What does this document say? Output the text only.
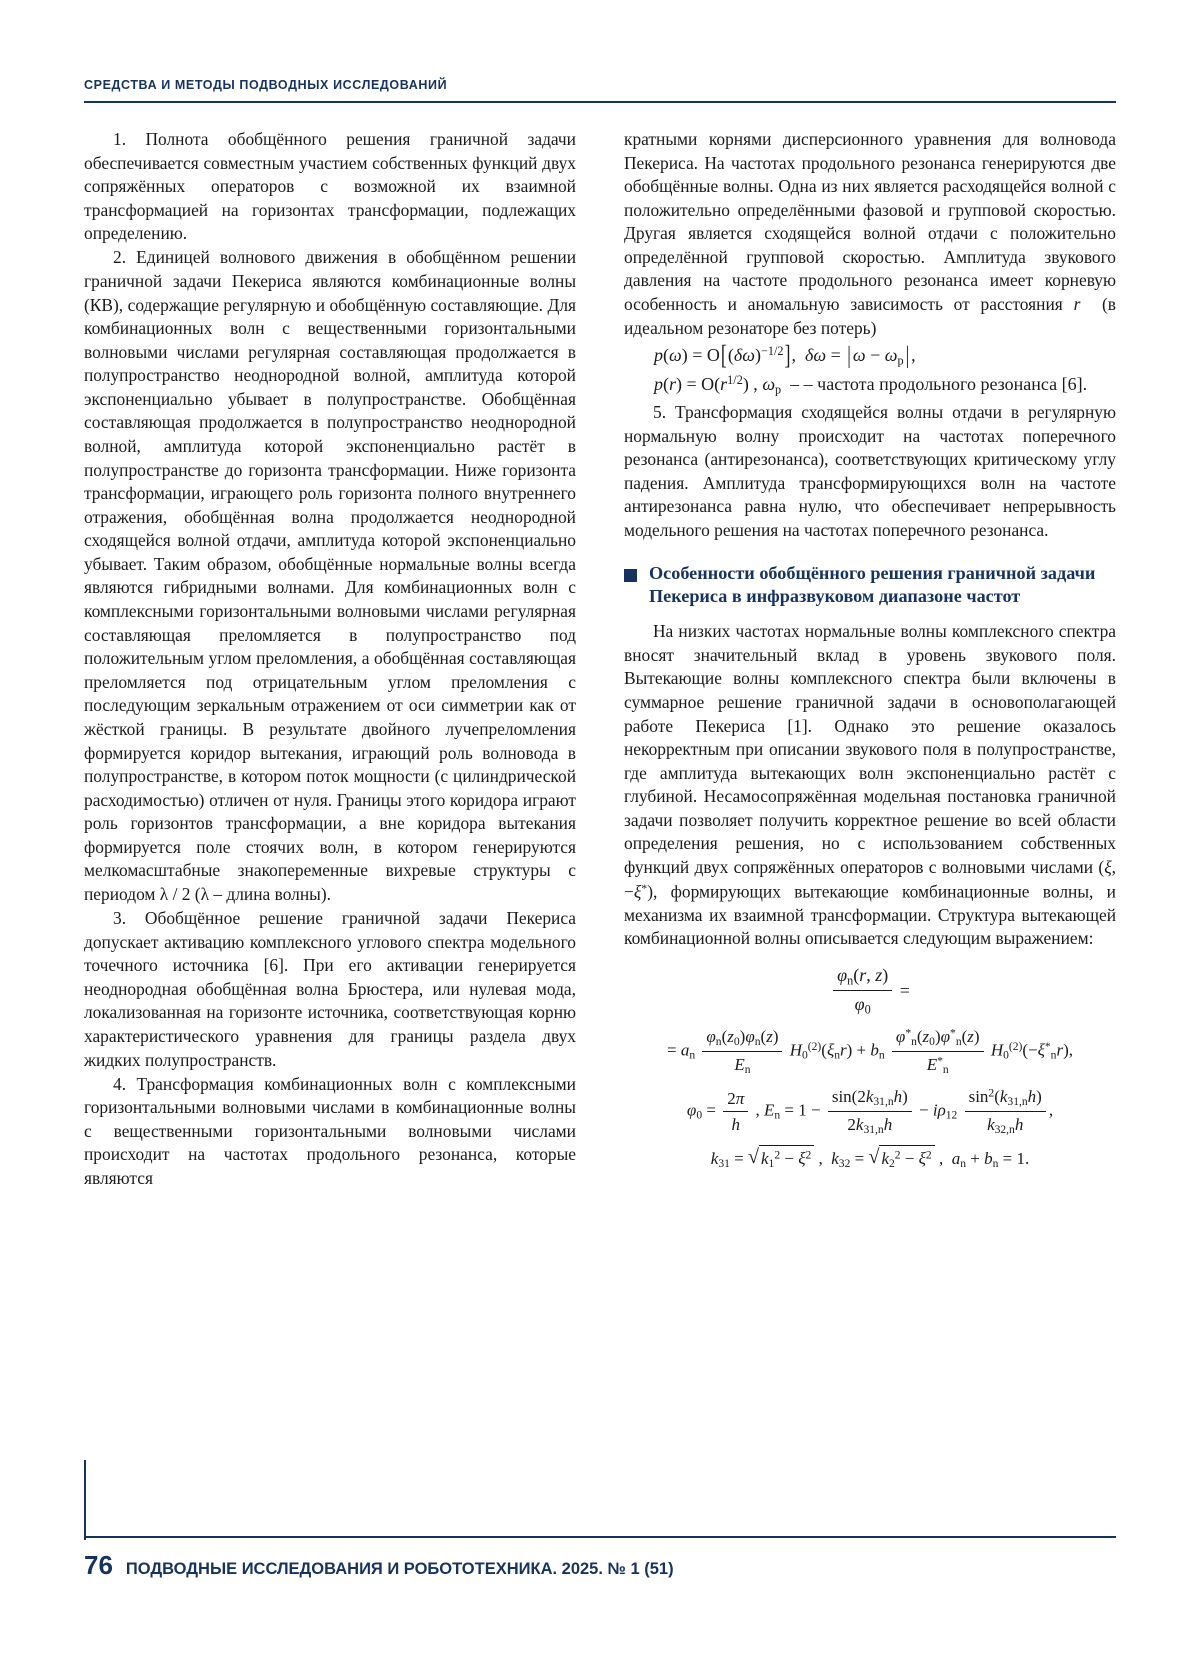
СРЕДСТВА И МЕТОДЫ ПОДВОДНЫХ ИССЛЕДОВАНИЙ

1. Полнота обобщённого решения граничной задачи обеспечивается совместным участием собственных функций двух сопряжённых операторов с возможной их взаимной трансформацией на горизонтах трансформации, подлежащих определению.

2. Единицей волнового движения в обобщённом решении граничной задачи Пекериса являются комбинационные волны (КВ), содержащие регулярную и обобщённую составляющие. Для комбинационных волн с вещественными горизонтальными волновыми числами регулярная составляющая продолжается в полупространство неоднородной волной, амплитуда которой экспоненциально убывает в полупространстве. Обобщённая составляющая продолжается в полупространство неоднородной волной, амплитуда которой экспоненциально растёт в полупространстве до горизонта трансформации. Ниже горизонта трансформации, играющего роль горизонта полного внутреннего отражения, обобщённая волна продолжается неоднородной сходящейся волной отдачи, амплитуда которой экспоненциально убывает. Таким образом, обобщённые нормальные волны всегда являются гибридными волнами. Для комбинационных волн с комплексными горизонтальными волновыми числами регулярная составляющая преломляется в полупространство под положительным углом преломления, а обобщённая составляющая преломляется под отрицательным углом преломления с последующим зеркальным отражением от оси симметрии как от жёсткой границы. В результате двойного лучепреломления формируется коридор вытекания, играющий роль волновода в полупространстве, в котором поток мощности (с цилиндрической расходимостью) отличен от нуля. Границы этого коридора играют роль горизонтов трансформации, а вне коридора вытекания формируется поле стоячих волн, в котором генерируются мелкомасштабные знакопеременные вихревые структуры с периодом λ / 2 (λ – длина волны).

3. Обобщённое решение граничной задачи Пекериса допускает активацию комплексного углового спектра модельного точечного источника [6]. При его активации генерируется неоднородная обобщённая волна Брюстера, или нулевая мода, локализованная на горизонте источника, соответствующая корню характеристического уравнения для границы раздела двух жидких полупространств.

4. Трансформация комбинационных волн с комплексными горизонтальными волновыми числами в комбинационные волны с вещественными горизонтальными волновыми числами происходит на частотах продольного резонанса, которые являются

кратными корнями дисперсионного уравнения для волновода Пекериса. На частотах продольного резонанса генерируются две обобщённые волны. Одна из них является расходящейся волной с положительно определёнными фазовой и групповой скоростью. Другая является сходящейся волной отдачи с положительно определённой групповой скоростью. Амплитуда звукового давления на частоте продольного резонанса имеет корневую особенность и аномальную зависимость от расстояния r (в идеальном резонаторе без потерь)

$p(\omega) = O[(\delta\omega)^{-1/2}]$,  δω = | $\omega - \omega_p$ | ,
$p(r) = O(r^{1/2})$ , $\omega_p$  – – частота продольного резонанса [6].

5. Трансформация сходящейся волны отдачи в регулярную нормальную волну происходит на частотах поперечного резонанса (антирезонанса), соответствующих критическому углу падения. Амплитуда трансформирующихся волн на частоте антирезонанса равна нулю, что обеспечивает непрерывность модельного решения на частотах поперечного резонанса.

Особенности обобщённого решения граничной задачи Пекериса в инфразвуковом диапазоне частот

На низких частотах нормальные волны комплексного спектра вносят значительный вклад в уровень звукового поля. Вытекающие волны комплексного спектра были включены в суммарное решение граничной задачи в основополагающей работе Пекериса [1]. Однако это решение оказалось некорректным при описании звукового поля в полупространстве, где амплитуда вытекающих волн экспоненциально растёт с глубиной. Несамосопряжённая модельная постановка граничной задачи позволяет получить корректное решение во всей области определения решения, но с использованием собственных функций двух сопряжённых операторов с волновыми числами (ξ, −ξ*), формирующих вытекающие комбинационные волны, и механизма их взаимной трансформации. Структура вытекающей комбинационной волны описывается следующим выражением:

$\frac{\varphi_n(r, z)}{\varphi_0}$ =
= $a_n \frac{\varphi_n(z_0)\varphi_n(z)}{E_n} H_0^{(2)}(\xi_nr) + b_n \frac{\varphi^*_n(z_0)\varphi^*_n(z)}{E^*_n} H_0^{(2)}(-\xi^*_nr)$,
$\varphi_0 = \frac{2\pi}{h}$ , $E_n = 1 - \frac{\sin(2k_{31,n}h)}{2k_{31,n}h} - i\rho_{12} \frac{\sin^2(k_{31,n}h)}{k_{32,n}h}$ ,
$k_{31}$ = √ $k_1^2 - \xi^2$ ,  $k_{32}$ = √ $k_2^2 - \xi^2$ ,  $a_n + b_n = 1$.
76 ПОДВОДНЫЕ ИССЛЕДОВАНИЯ И РОБОТОТЕХНИКА. 2025. № 1 (51)
